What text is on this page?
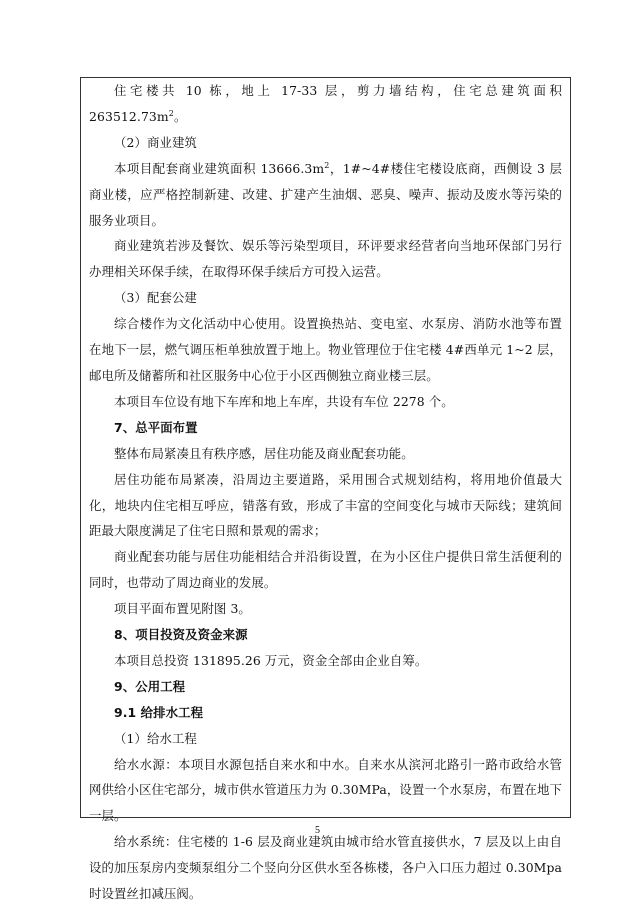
住宅楼共 10 栋，地上 17-33 层，剪力墙结构，住宅总建筑面积 $263512.73m^2$。

（2）商业建筑

本项目配套商业建筑面积 $13666.3m^2$，1#~4#楼住宅楼设底商，西侧设 3 层商业楼，应严格控制新建、改建、扩建产生油烟、恶臭、噪声、振动及废水等污染的服务业项目。

商业建筑若涉及餐饮、娱乐等污染型项目，环评要求经营者向当地环保部门另行办理相关环保手续，在取得环保手续后方可投入运营。

（3）配套公建

综合楼作为文化活动中心使用。设置换热站、变电室、水泵房、消防水池等布置在地下一层，燃气调压柜单独放置于地上。物业管理位于住宅楼 4#西单元 1~2 层，邮电所及储蓄所和社区服务中心位于小区西侧独立商业楼三层。

本项目车位设有地下车库和地上车库，共设有车位 2278 个。

7、总平面布置

整体布局紧凑且有秩序感，居住功能及商业配套功能。

居住功能布局紧凑，沿周边主要道路，采用围合式规划结构，将用地价值最大化，地块内住宅相互呼应，错落有致，形成了丰富的空间变化与城市天际线；建筑间距最大限度满足了住宅日照和景观的需求；

商业配套功能与居住功能相结合并沿街设置，在为小区住户提供日常生活便利的同时，也带动了周边商业的发展。

项目平面布置见附图 3。

8、项目投资及资金来源

本项目总投资 131895.26 万元，资金全部由企业自筹。

9、公用工程

9.1 给排水工程

（1）给水工程

给水水源：本项目水源包括自来水和中水。自来水从滨河北路引一路市政给水管网供给小区住宅部分，城市供水管道压力为 0.30MPa，设置一个水泵房，布置在地下一层。

给水系统：住宅楼的 1-6 层及商业建筑由城市给水管直接供水，7 层及以上由自设的加压泵房内变频泵组分二个竖向分区供水至各栋楼，各户入口压力超过 0.30Mpa 时设置丝扣减压阀。

5
